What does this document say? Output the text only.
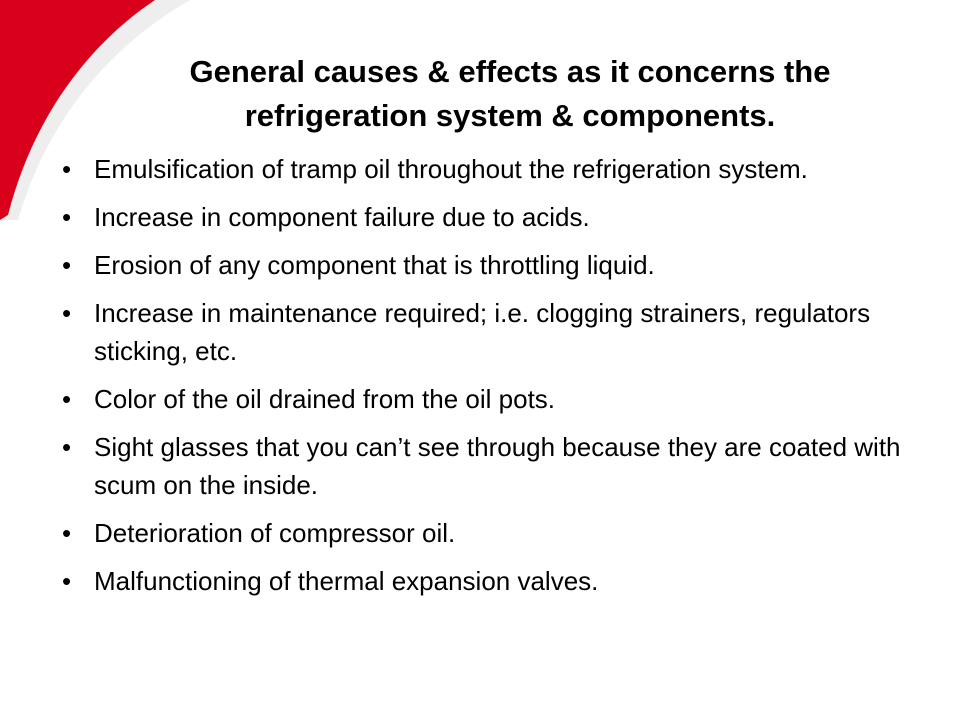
General causes & effects as it concerns the
refrigeration system & components.
• Emulsification of tramp oil throughout the refrigeration system.
• Increase in component failure due to acids.
• Erosion of any component that is throttling liquid.
• Increase in maintenance required; i.e. clogging strainers, regulators sticking, etc.
• Color of the oil drained from the oil pots.
• Sight glasses that you can’t see through because they are coated with scum on the inside.
• Deterioration of compressor oil.
• Malfunctioning of thermal expansion valves.
